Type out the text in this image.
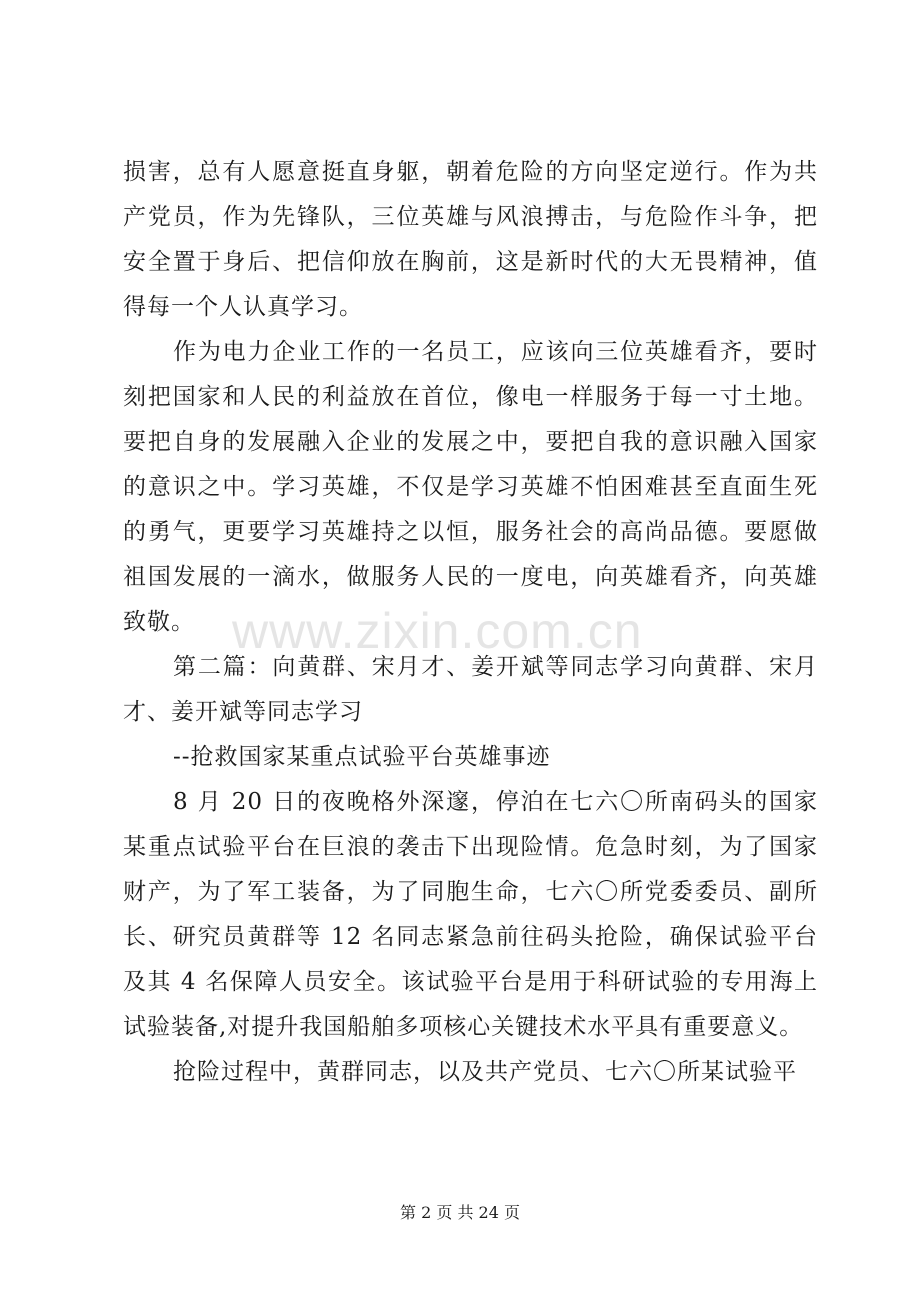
损害，总有人愿意挺直身躯，朝着危险的方向坚定逆行。作为共产党员，作为先锋队，三位英雄与风浪搏击，与危险作斗争，把安全置于身后、把信仰放在胸前，这是新时代的大无畏精神，值得每一个人认真学习。

作为电力企业工作的一名员工，应该向三位英雄看齐，要时刻把国家和人民的利益放在首位，像电一样服务于每一寸土地。要把自身的发展融入企业的发展之中，要把自我的意识融入国家的意识之中。学习英雄，不仅是学习英雄不怕困难甚至直面生死的勇气，更要学习英雄持之以恒，服务社会的高尚品德。要愿做祖国发展的一滴水，做服务人民的一度电，向英雄看齐，向英雄致敬。

第二篇：向黄群、宋月才、姜开斌等同志学习向黄群、宋月才、姜开斌等同志学习

--抢救国家某重点试验平台英雄事迹

8 月 20 日的夜晚格外深邃，停泊在七六〇所南码头的国家某重点试验平台在巨浪的袭击下出现险情。危急时刻，为了国家财产，为了军工装备，为了同胞生命，七六〇所党委委员、副所长、研究员黄群等 12 名同志紧急前往码头抢险，确保试验平台及其 4 名保障人员安全。该试验平台是用于科研试验的专用海上试验装备,对提升我国船舶多项核心关键技术水平具有重要意义。

抢险过程中，黄群同志，以及共产党员、七六〇所某试验平

www.zixin.com.cn
第 2 页 共 24 页
